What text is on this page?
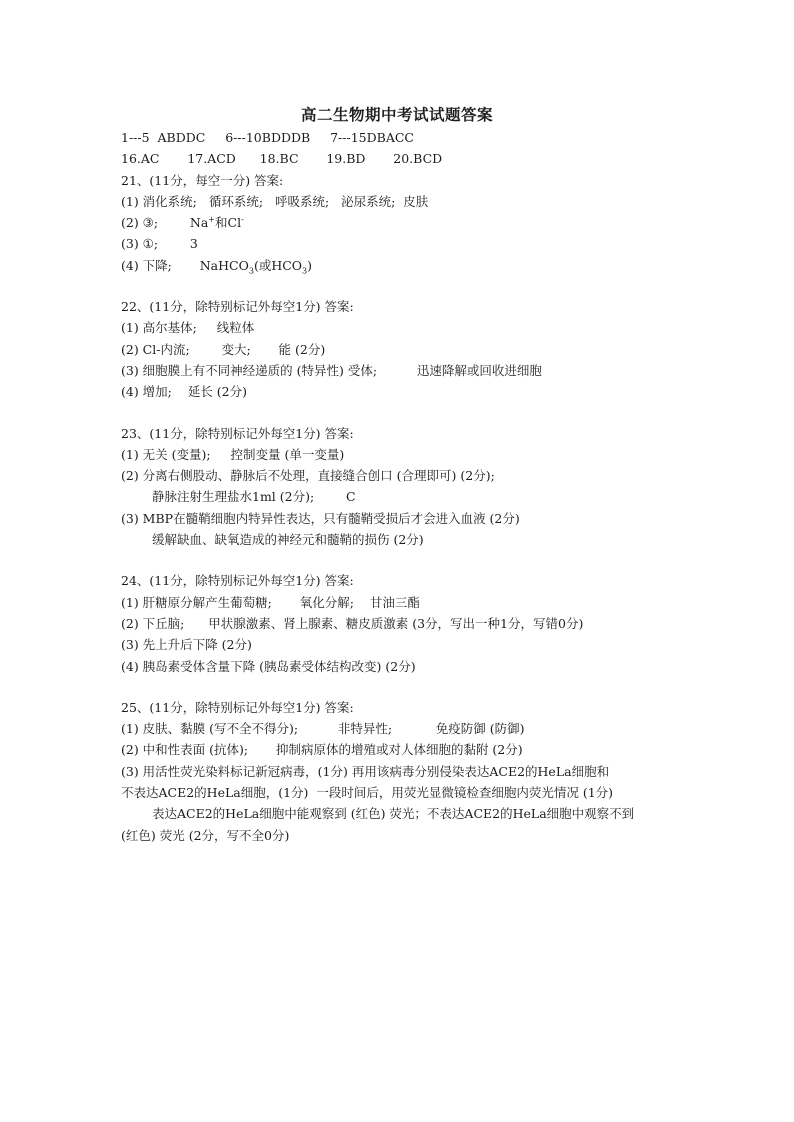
高二生物期中考试试题答案
1---5  ABDDC 6---10BDDDB 7---15DBACC
16.AC 17.ACD 18.BC 19.BD 20.BCD
21、(11分，每空一分) 答案:
(1) 消化系统; 循环系统; 呼吸系统; 泌尿系统; 皮肤
(2) ③;	Na+和Cl-
(3) ①;	3
(4) 下降; NaHCO$_3$(或$HCO_3$)
22、(11分，除特别标记外每空1分) 答案:
(1) 高尔基体; 线粒体
(2) Cl-内流;	变大; 能 (2分)
(3) 细胞膜上有不同神经递质的 (特异性) 受体;	迅速降解或回收进细胞
(4) 增加; 延长 (2分)
23、(11分，除特别标记外每空1分) 答案:
(1) 无关 (变量); 控制变量 (单一变量)
(2) 分离右侧股动、静脉后不处理，直接缝合创口 (合理即可) (2分);
静脉注射生理盐水1ml (2分);	C
(3) MBP在髓鞘细胞内特异性表达，只有髓鞘受损后才会进入血液 (2分)
缓解缺血、缺氧造成的神经元和髓鞘的损伤 (2分)
24、(11分，除特别标记外每空1分) 答案:
(1) 肝糖原分解产生葡萄糖; 氧化分解; 甘油三酯
(2) 下丘脑; 甲状腺激素、肾上腺素、糖皮质激素 (3分，写出一种1分，写错0分)
(3) 先上升后下降 (2分)
(4) 胰岛素受体含量下降 (胰岛素受体结构改变) (2分)
25、(11分，除特别标记外每空1分) 答案:
(1) 皮肤、黏膜 (写不全不得分);	非特异性;	免疫防御 (防御)
(2) 中和性表面 (抗体); 抑制病原体的增殖或对人体细胞的黏附 (2分)
(3) 用活性荧光染料标记新冠病毒，(1分) 再用该病毒分别侵染表达ACE2的HeLa细胞和
不表达ACE2的HeLa细胞，(1分)  一段时间后，用荧光显微镜检查细胞内荧光情况 (1分)
表达ACE2的HeLa细胞中能观察到 (红色) 荧光；不表达ACE2的HeLa细胞中观察不到
(红色) 荧光 (2分，写不全0分)
